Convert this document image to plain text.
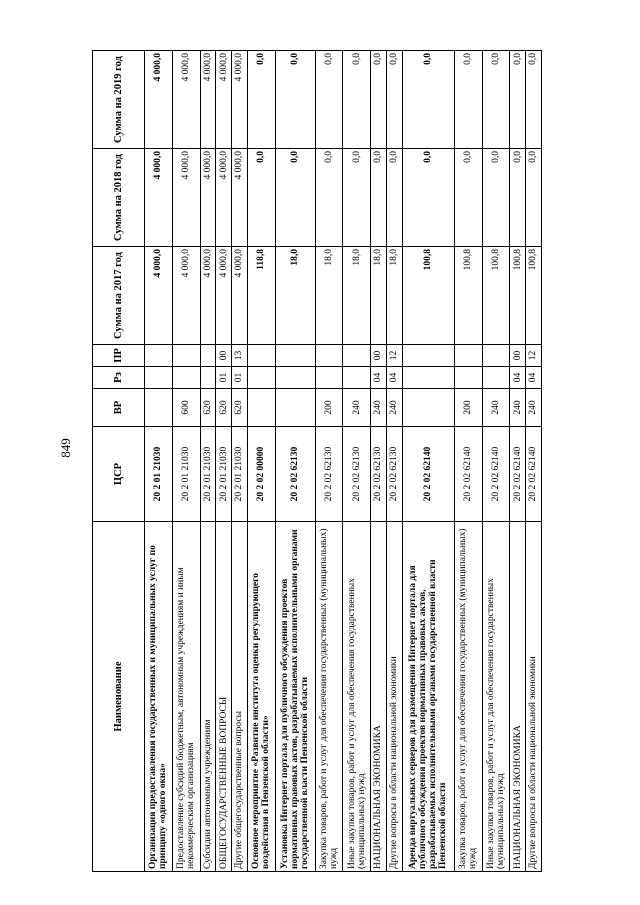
849
Наименование	ЦСР	ВР	Рз	ПР	Сумма на 2017 год	Сумма на 2018 год	Сумма на 2019 год
Организация предоставления государственных и муниципальных услуг по принципу «одного окна»	20 2 01 21030				4 000,0	4 000,0	4 000,0
Предоставление субсидий бюджетным, автономным учреждениям и иным некоммерческим организациям	20 2 01 21030	600			4 000,0	4 000,0	4 000,0
Субсидии автономным учреждениям	20 2 01 21030	620			4 000,0	4 000,0	4 000,0
ОБЩЕГОСУДАРСТВЕННЫЕ ВОПРОСЫ	20 2 01 21030	620	01	00	4 000,0	4 000,0	4 000,0
Другие общегосударственные вопросы	20 2 01 21030	620	01	13	4 000,0	4 000,0	4 000,0
Основное мероприятие «Развитие института оценки регулирующего воздействия в Пензенской области»	20 2 02 00000				118,8	0,0	0,0
Установка Интернет портала для публичного обсуждения проектов нормативных правовых актов, разрабатываемых исполнительными органами государственной власти Пензенской области	20 2 02 62130				18,0	0,0	0,0
Закупка товаров, работ и услуг для обеспечения государственных (муниципальных) нужд	20 2 02 62130	200			18,0	0,0	0,0
Иные закупки товаров, работ и услуг для обеспечения государственных (муниципальных) нужд	20 2 02 62130	240			18,0	0,0	0,0
НАЦИОНАЛЬНАЯ ЭКОНОМИКА	20 2 02 62130	240	04	00	18,0	0,0	0,0
Другие вопросы в области национальной экономики	20 2 02 62130	240	04	12	18,0	0,0	0,0
Аренда виртуальных серверов для размещения Интернет портала для публичного обсуждения проектов нормативных правовых актов, разрабатываемых исполнительными органами государственной власти Пензенской области	20 2 02 62140				100,8	0,0	0,0
Закупка товаров, работ и услуг для обеспечения государственных (муниципальных) нужд	20 2 02 62140	200			100,8	0,0	0,0
Иные закупки товаров, работ и услуг для обеспечения государственных (муниципальных) нужд	20 2 02 62140	240			100,8	0,0	0,0
НАЦИОНАЛЬНАЯ ЭКОНОМИКА	20 2 02 62140	240	04	00	100,8	0,0	0,0
Другие вопросы в области национальной экономики	20 2 02 62140	240	04	12	100,8	0,0	0,0
